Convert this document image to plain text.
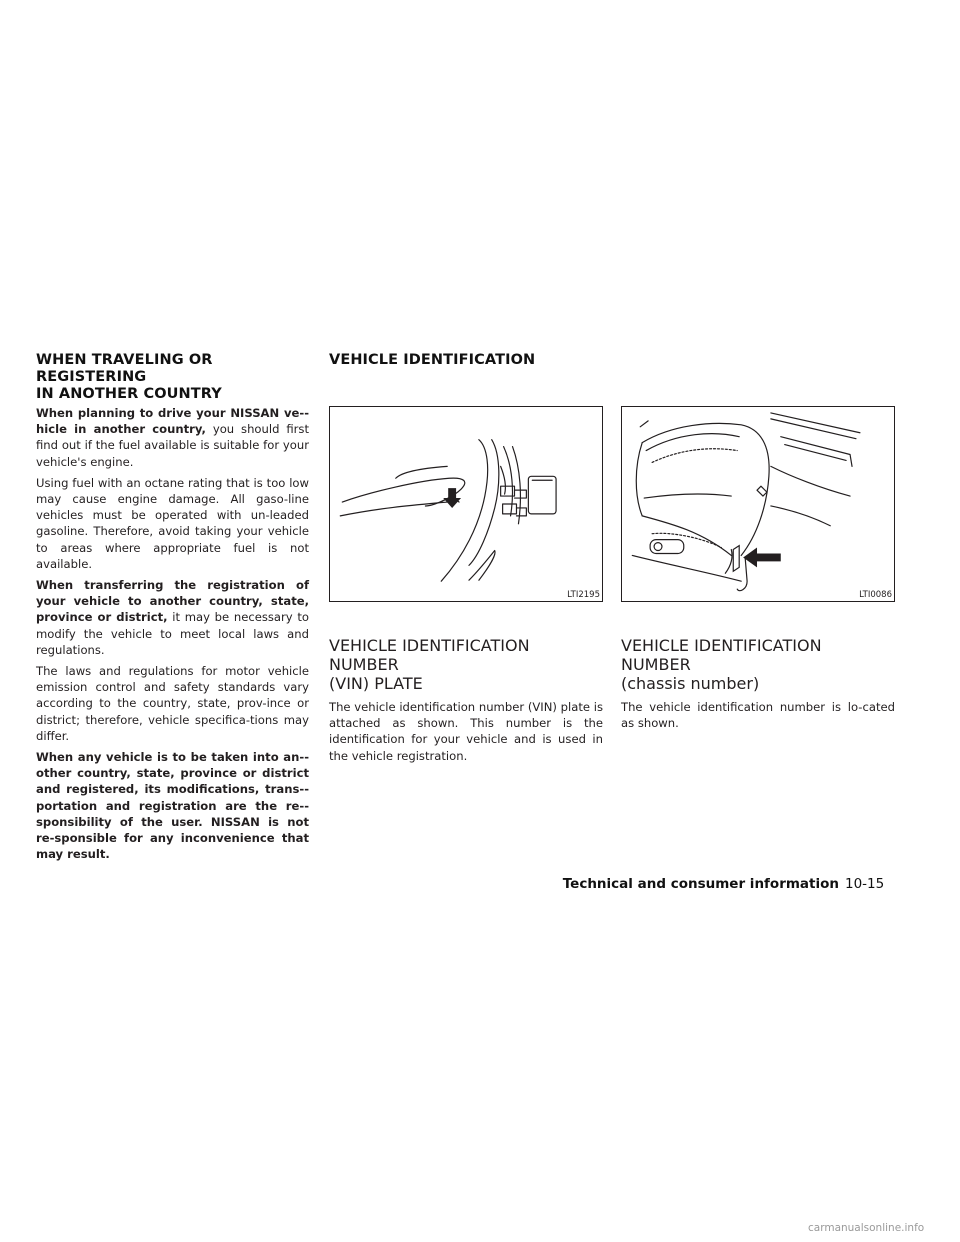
WHEN TRAVELING OR REGISTERING
IN ANOTHER COUNTRY
VEHICLE IDENTIFICATION

When planning to drive your NISSAN ve-hicle in another country, you should first find out if the fuel available is suitable for your vehicle's engine.

Using fuel with an octane rating that is too low may cause engine damage. All gaso-line vehicles must be operated with un-leaded gasoline. Therefore, avoid taking your vehicle to areas where appropriate fuel is not available.

When transferring the registration of your vehicle to another country, state, province or district, it may be necessary to modify the vehicle to meet local laws and regulations.

The laws and regulations for motor vehicle emission control and safety standards vary according to the country, state, prov-ince or district; therefore, vehicle specifica-tions may differ.

When any vehicle is to be taken into an-other country, state, province or district and registered, its modifications, trans-portation and registration are the re-sponsibility of the user. NISSAN is not re-sponsible for any inconvenience that may result.

LTI2195	LTI0086
VEHICLE IDENTIFICATION NUMBER
(VIN) PLATE
The vehicle identification number (VIN) plate is attached as shown. This number is the identification for your vehicle and is used in the vehicle registration.
VEHICLE IDENTIFICATION NUMBER
(chassis number)
The vehicle identification number is lo-cated as shown.
Technical and consumer information 10-15
carmanualsonline.info
